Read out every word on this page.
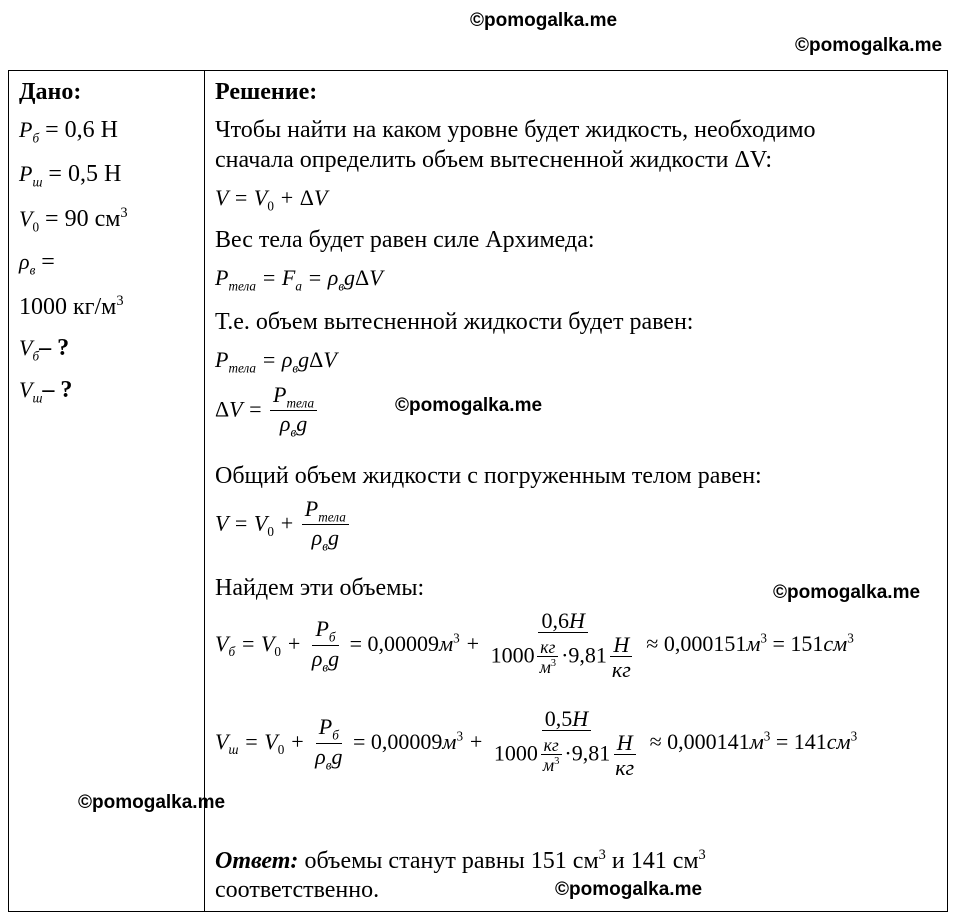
©pomogalka.me
©pomogalka.me
©pomogalka.me
©pomogalka.me
©pomogalka.me
©pomogalka.me
Дано:
$P_б = 0,6$ Н
$P_ш = 0,5$ Н
$V_0 = 90$ $см^3$
$\rho_в$ =
1000 $кг/м^3$
$V_б-$ ?
$V_ш-$ ?
Решение:
Чтобы найти на каком уровне будет жидкость, необходимо
сначала определить объем вытесненной жидкости ΔV:
$V = V_0 + \Delta V$
Вес тела будет равен силе Архимеда:
$P_{тела} = F_а = \rho_вg\Delta V$
Т.е. объем вытесненной жидкости будет равен:
$P_{тела} = \rho_вg\Delta V$
$\Delta V = \frac{P_{тела}}{\rho_вg}$
Общий объем жидкости с погруженным телом равен:
$V = V_0 + \frac{P_{тела}}{\rho_вg}$
Найдем эти объемы:
$V_б = V_0 + \frac{P_б}{\rho_вg} = 0,00009м^3 + \frac{0,6H}{1000 \frac{кг}{м^3} \cdot 9,81 \frac{H}{кг}} \approx 0,000151м^3 = 151см^3$
$V_ш = V_0 + \frac{P_б}{\rho_вg} = 0,00009м^3 + \frac{0,5H}{1000 \frac{кг}{м^3} \cdot 9,81 \frac{H}{кг}} \approx 0,000141м^3 = 141см^3$
Ответ: объемы станут равны 151 $см^3$ и 141 $см^3$
соответственно.
